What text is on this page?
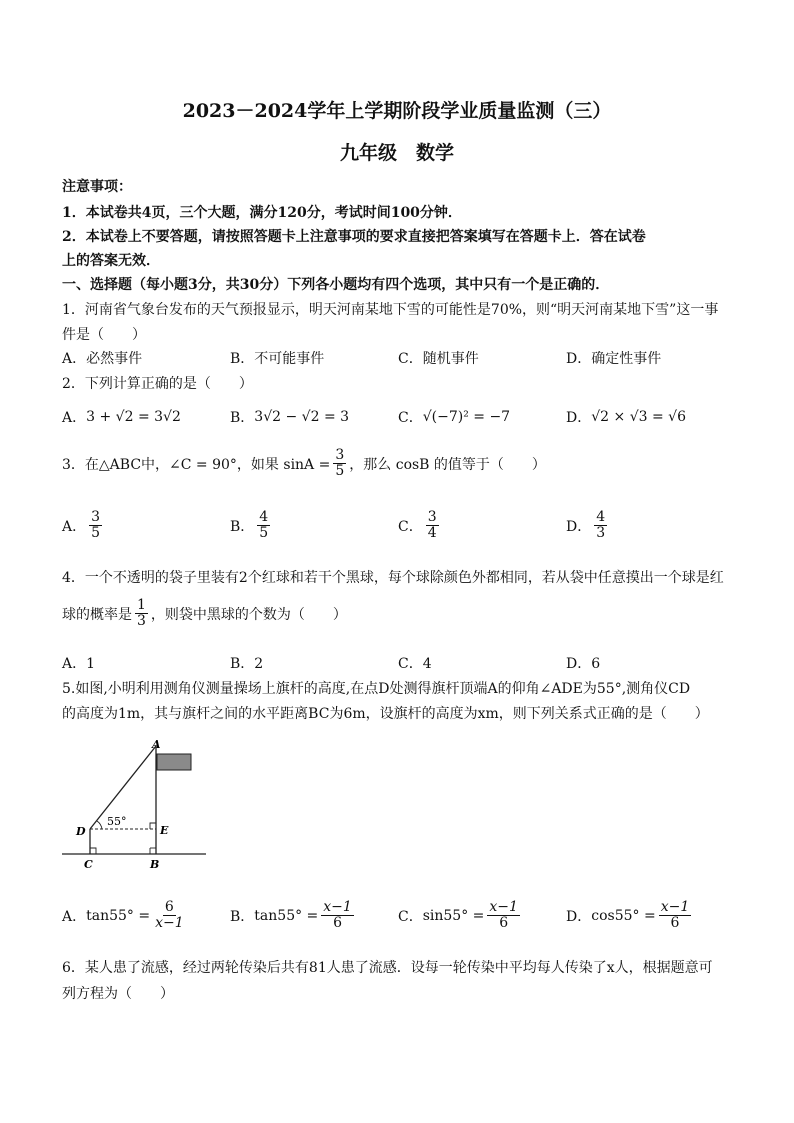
2023－2024学年上学期阶段学业质量监测（三）
九年级　数学
注意事项：
1．本试卷共4页，三个大题，满分120分，考试时间100分钟．
2．本试卷上不要答题，请按照答题卡上注意事项的要求直接把答案填写在答题卡上．答在试卷
上的答案无效．
一、选择题（每小题3分，共30分）下列各小题均有四个选项，其中只有一个是正确的．
1．河南省气象台发布的天气预报显示，明天河南某地下雪的可能性是70%，则“明天河南某地下雪”这一事
件是（　　）
A．必然事件	B．不可能事件	C．随机事件	D．确定性事件
2．下列计算正确的是（　　）
A． 3 + √2 = 3√2	B． 3√2 − √2 = 3	C． √(−7)² = −7	D． √2 × √3 = √6
3．在△ABC中，∠C = 90°，如果 $\sin A = \frac{3}{5}$ ，那么 cosB 的值等于（　　）
A． $\frac{3}{5}$	B． $\frac{4}{5}$	C． $\frac{3}{4}$	D． $\frac{4}{3}$
4．一个不透明的袋子里装有2个红球和若干个黑球，每个球除颜色外都相同，若从袋中任意摸出一个球是红
球的概率是 $\frac{1}{3}$ ，则袋中黑球的个数为（　　）
A．1	B．2	C．4	D．6
5.如图,小明利用测角仪测量操场上旗杆的高度,在点D处测得旗杆顶端A的仰角∠ADE为55°,测角仪CD
的高度为1m，其与旗杆之间的水平距离BC为6m，设旗杆的高度为xm，则下列关系式正确的是（　　）
55°
A
B
C
D	E
A． $\tan 55^\circ = \frac{6}{x-1}$	B． $\tan 55^\circ = \frac{x-1}{6}$	C． $\sin 55^\circ = \frac{x-1}{6}$	D． $\cos 55^\circ = \frac{x-1}{6}$
6．某人患了流感，经过两轮传染后共有81人患了流感．设每一轮传染中平均每人传染了x人，根据题意可
列方程为（　　）
